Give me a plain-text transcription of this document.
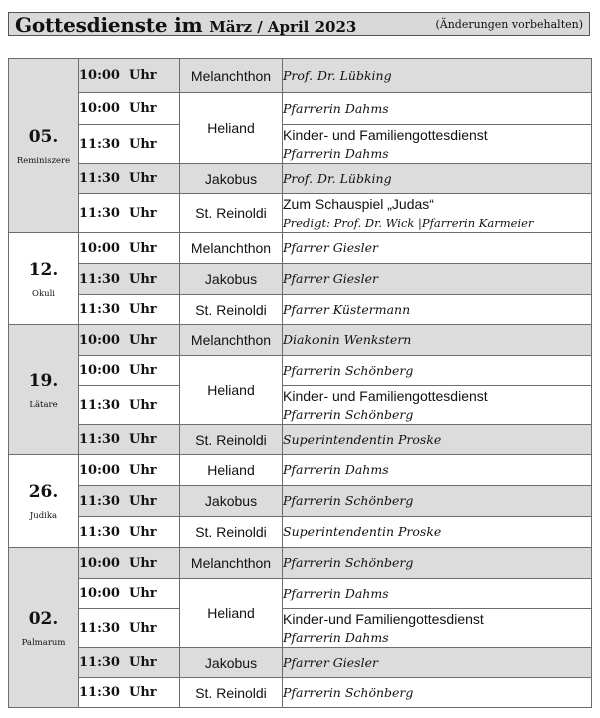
Gottesdienste im März / April 2023	(Änderungen vorbehalten)
05.
Reminiszere	10:00 Uhr	Melanchthon	Prof. Dr. Lübking
	10:00 Uhr	Heliand	Pfarrerin Dahms
	11:30 Uhr		Kinder- und Familiengottesdienst
Pfarrerin Dahms
	11:30 Uhr	Jakobus	Prof. Dr. Lübking
	11:30 Uhr	St. Reinoldi	Zum Schauspiel „Judas“
Predigt: Prof. Dr. Wick |Pfarrerin Karmeier

12.
Okuli	10:00 Uhr	Melanchthon	Pfarrer Giesler
	11:30 Uhr	Jakobus	Pfarrer Giesler
	11:30 Uhr	St. Reinoldi	Pfarrer Küstermann

19.
Lätare	10:00 Uhr	Melanchthon	Diakonin Wenkstern
	10:00 Uhr	Heliand	Pfarrerin Schönberg
	11:30 Uhr		Kinder- und Familiengottesdienst
Pfarrerin Schönberg
	11:30 Uhr	St. Reinoldi	Superintendentin Proske

26.
Judika	10:00 Uhr	Heliand	Pfarrerin Dahms
	11:30 Uhr	Jakobus	Pfarrerin Schönberg
	11:30 Uhr	St. Reinoldi	Superintendentin Proske

02.
Palmarum	10:00 Uhr	Melanchthon	Pfarrerin Schönberg
	10:00 Uhr	Heliand	Pfarrerin Dahms
	11:30 Uhr		Kinder-und Familiengottesdienst
Pfarrerin Dahms
	11:30 Uhr	Jakobus	Pfarrer Giesler
	11:30 Uhr	St. Reinoldi	Pfarrerin Schönberg
